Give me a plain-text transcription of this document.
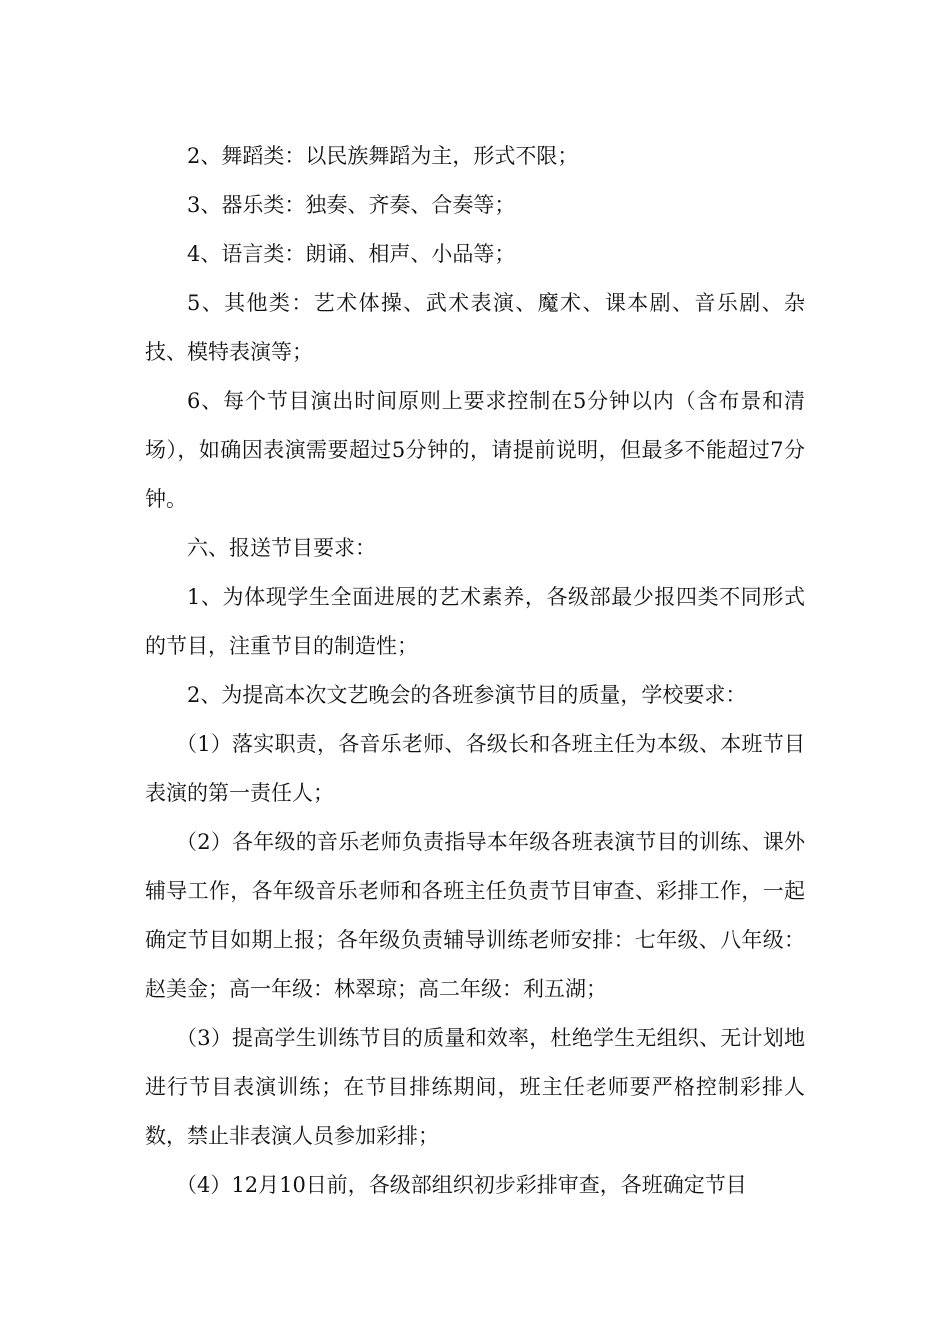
2、舞蹈类：以民族舞蹈为主，形式不限；

3、器乐类：独奏、齐奏、合奏等；

4、语言类：朗诵、相声、小品等；

5、其他类：艺术体操、武术表演、魔术、课本剧、音乐剧、杂技、模特表演等；

6、每个节目演出时间原则上要求控制在5分钟以内（含布景和清场），如确因表演需要超过5分钟的，请提前说明，但最多不能超过7分钟。

六、报送节目要求：

1、为体现学生全面进展的艺术素养，各级部最少报四类不同形式的节目，注重节目的制造性；

2、为提高本次文艺晚会的各班参演节目的质量，学校要求：

（1）落实职责，各音乐老师、各级长和各班主任为本级、本班节目表演的第一责任人；

（2）各年级的音乐老师负责指导本年级各班表演节目的训练、课外辅导工作，各年级音乐老师和各班主任负责节目审查、彩排工作，一起确定节目如期上报；各年级负责辅导训练老师安排：七年级、八年级：赵美金；高一年级：林翠琼；高二年级：利五湖；

（3）提高学生训练节目的质量和效率，杜绝学生无组织、无计划地进行节目表演训练；在节目排练期间，班主任老师要严格控制彩排人数，禁止非表演人员参加彩排；

（4）12月10日前，各级部组织初步彩排审查，各班确定节目
